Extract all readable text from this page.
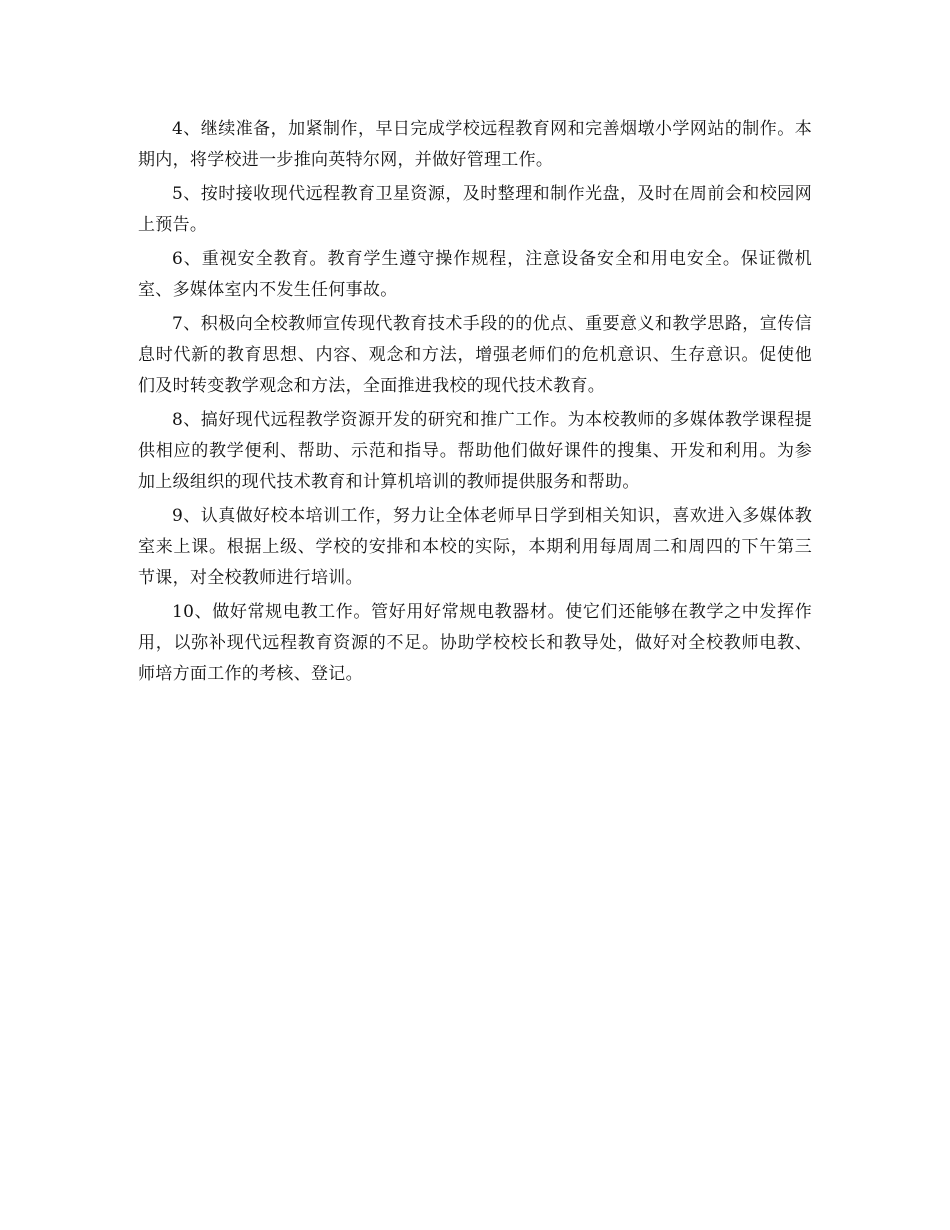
4、继续准备，加紧制作，早日完成学校远程教育网和完善烟墩小学网站的制作。本期内，将学校进一步推向英特尔网，并做好管理工作。

5、按时接收现代远程教育卫星资源，及时整理和制作光盘，及时在周前会和校园网上预告。

6、重视安全教育。教育学生遵守操作规程，注意设备安全和用电安全。保证微机室、多媒体室内不发生任何事故。

7、积极向全校教师宣传现代教育技术手段的的优点、重要意义和教学思路，宣传信息时代新的教育思想、内容、观念和方法，增强老师们的危机意识、生存意识。促使他们及时转变教学观念和方法，全面推进我校的现代技术教育。

8、搞好现代远程教学资源开发的研究和推广工作。为本校教师的多媒体教学课程提供相应的教学便利、帮助、示范和指导。帮助他们做好课件的搜集、开发和利用。为参加上级组织的现代技术教育和计算机培训的教师提供服务和帮助。

9、认真做好校本培训工作，努力让全体老师早日学到相关知识，喜欢进入多媒体教室来上课。根据上级、学校的安排和本校的实际，本期利用每周周二和周四的下午第三节课，对全校教师进行培训。

10、做好常规电教工作。管好用好常规电教器材。使它们还能够在教学之中发挥作用，以弥补现代远程教育资源的不足。协助学校校长和教导处，做好对全校教师电教、师培方面工作的考核、登记。
